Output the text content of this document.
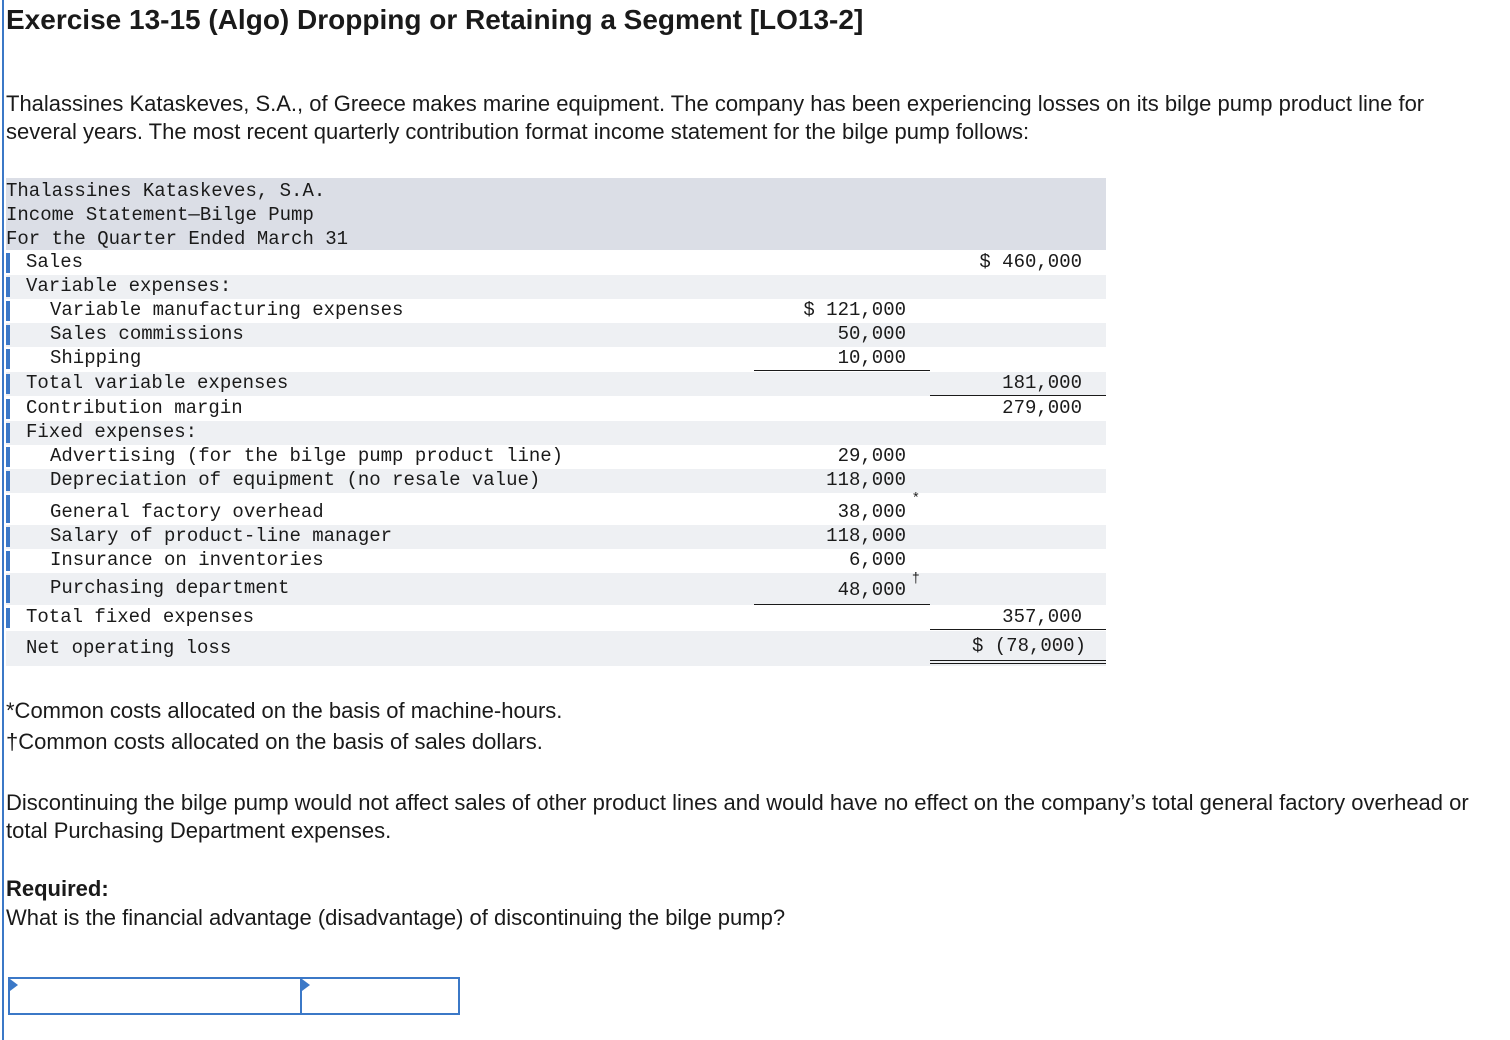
Exercise 13-15 (Algo) Dropping or Retaining a Segment [LO13-2]

Thalassines Kataskeves, S.A., of Greece makes marine equipment. The company has been experiencing losses on its bilge pump product line for several years. The most recent quarterly contribution format income statement for the bilge pump follows:

Thalassines Kataskeves, S.A.
Income Statement—Bilge Pump
For the Quarter Ended March 31
Sales	$ 460,000
Variable expenses:
Variable manufacturing expenses	$ 121,000
Sales commissions	50,000
Shipping	10,000
Total variable expenses	181,000
Contribution margin	279,000
Fixed expenses:
Advertising (for the bilge pump product line)	29,000
Depreciation of equipment (no resale value)	118,000
General factory overhead	38,000
*
Salary of product-line manager	118,000
Insurance on inventories	6,000
Purchasing department	48,000 †
Total fixed expenses	357,000
Net operating loss	$ (78,000)
*Common costs allocated on the basis of machine-hours.
†Common costs allocated on the basis of sales dollars.

Discontinuing the bilge pump would not affect sales of other product lines and would have no effect on the company’s total general factory overhead or total Purchasing Department expenses.

Required:
What is the financial advantage (disadvantage) of discontinuing the bilge pump?
